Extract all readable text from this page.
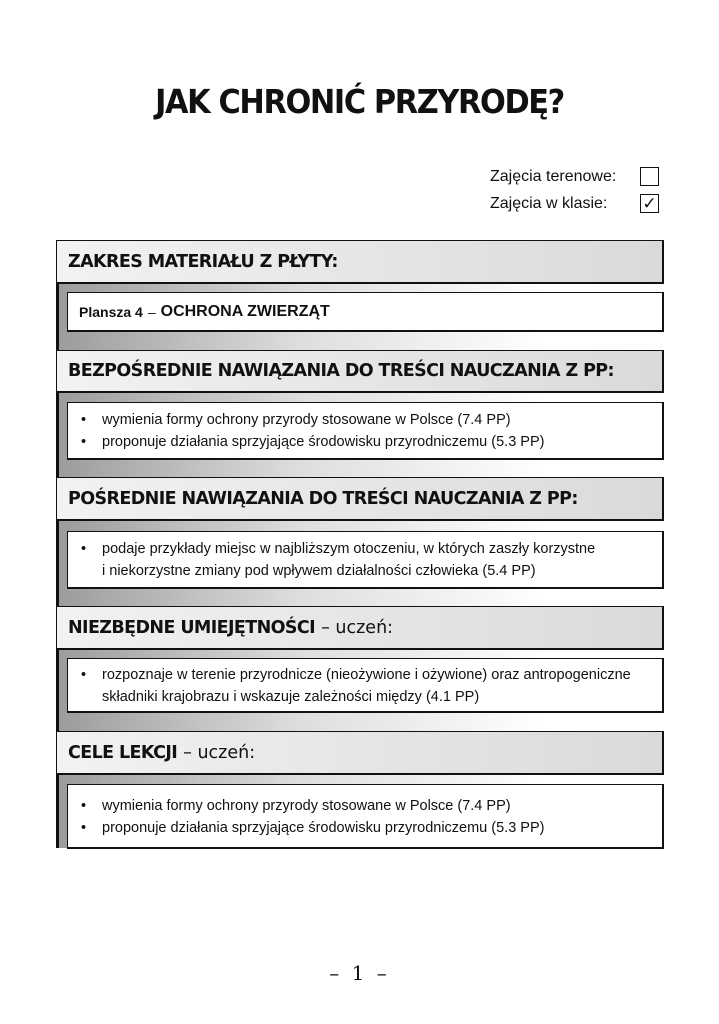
JAK CHRONIĆ PRZYRODĘ?
Zajęcia terenowe:
Zajęcia w klasie:	✓
ZAKRES MATERIAŁU Z PŁYTY:
Plansza 4 – OCHRONA ZWIERZĄT
BEZPOŚREDNIE NAWIĄZANIA DO TREŚCI NAUCZANIA Z PP:
• wymienia formy ochrony przyrody stosowane w Polsce (7.4 PP)
• proponuje działania sprzyjające środowisku przyrodniczemu (5.3 PP)
POŚREDNIE NAWIĄZANIA DO TREŚCI NAUCZANIA Z PP:
• podaje przykłady miejsc w najbliższym otoczeniu, w których zaszły korzystne
i niekorzystne zmiany pod wpływem działalności człowieka (5.4 PP)
NIEZBĘDNE UMIEJĘTNOŚCI – uczeń:
• rozpoznaje w terenie przyrodnicze (nieożywione i ożywione) oraz antropogeniczne
składniki krajobrazu i wskazuje zależności między (4.1 PP)
CELE LEKCJI – uczeń:
• wymienia formy ochrony przyrody stosowane w Polsce (7.4 PP)
• proponuje działania sprzyjające środowisku przyrodniczemu (5.3 PP)
– 1 –
